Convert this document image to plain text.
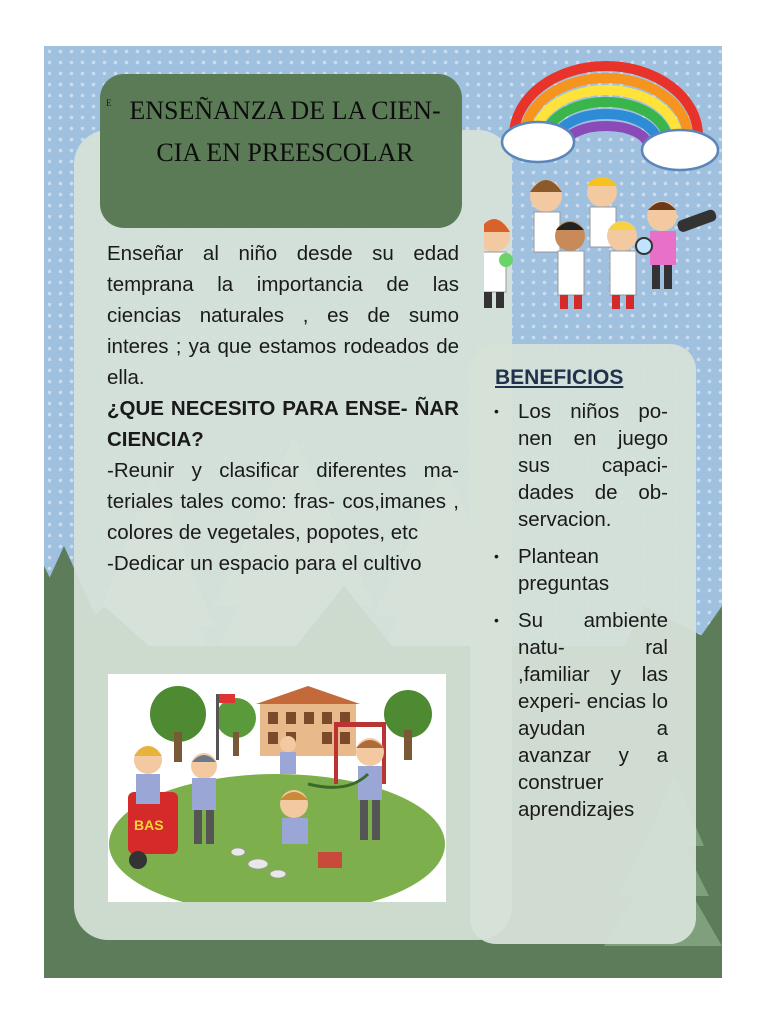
E ENSEÑANZA DE LA CIEN-
CIA EN PREESCOLAR

Enseñar al niño desde su edad temprana la importancia de las ciencias naturales , es de sumo interes ; ya que estamos rodeados de ella.

¿QUE NECESITO PARA ENSE- ÑAR CIENCIA?

-Reunir y clasificar diferentes ma- teriales tales como: fras- cos,imanes , colores de vegetales, popotes, etc

-Dedicar un espacio para el cultivo

BAS
BENEFICIOS
• Los niños po- nen en juego sus capaci- dades de ob- servacion.
• Plantean preguntas
• Su ambiente natu- ral ,familiar y las experi- encias lo ayudan a avanzar y a construer aprendizajes
